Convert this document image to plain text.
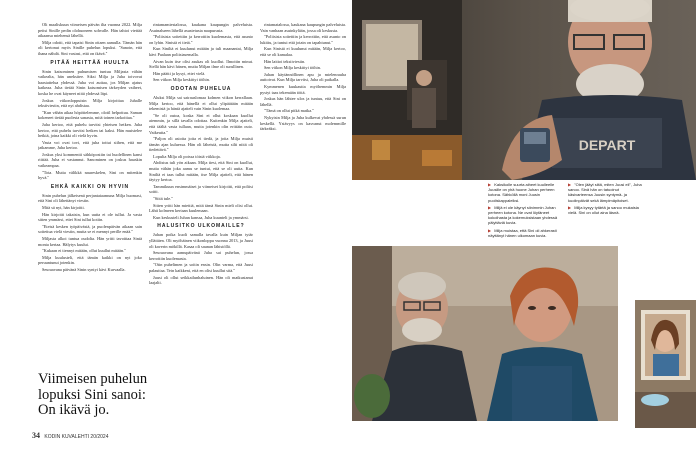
Oli maaliskuun viimeisen päivän ilta vuonna 2022. Milja peitsi Sinille pedin olohuoneen sohvalle. Hän tahtoi viettää aikaansa miehensä lähellä.

Milja odotti, että tapaisi Sinin ottaen aamulla. Tämän hän oli kertonut myös Sinille puhelun lopuksi. "Sanoin, että ihana nähdä. Sini vastasi, että on ikävä."

PITÄÄ HEITTÄÄ HUULTA

Sinin katsominen puhumisen tuntuu Miljasta vähän vaikealta, hän uneksitee. Siksi Milja ja Juha toivovat haastattelua yhdessä. Juha voi auttaa, jos Miljan ajatus katkeaa. Juha tietää Sinin katsomisen tärkeyden vaiheet, koska he ovat käyneet niitä yhdessä läpi.

Joskus viikonloppuisin Milja kirjoittaa Juhalle tekstiviestin, että nyt ahdistaa.

"Kun vähän aikaa höpöttelemme, olotil helpottuu. Saman kokeneet tietää puolesta sanasta, mitä toinen tarkoittaa."

Juha kertoo, että puhelu tarvitsi yhteisen hetken. Juha kertoo, että puhelu tarvitsi hetken tai kaksi. Hän muistelee hetkiä, joina kaikki oli vielä hyvin.

Vasta voi ovat tovi, että juha tottui siihen, että me jatkamme, Juha kertoo.

Joskus yksi kommentti sähköpostiin tai huolellinen kansi riittää. Juha ei vastannut. Sanominen on joskus hauskin vaikeampaa.

"Tota. Mutta välikkä naureskelen, Sini on mitenkin hyvä."

EHKÄ KAIKKI ON HYVIN

Sinin puhelun jälkeisenä perjantaiaamuna Milja huomasi, että Sini oli lähettänyt viestin.

Mitä sä nyt, hän kirjoitti.

Hän kirjoitti takaisin, kun uutta ei ole tullut. Ja vasta sitten ymmärsi, ettei Sini tullut kotiin.

"Eteisä kesken työpäivästä, ja puolenpäivän aikaan sain soitettua vielä viestin, mutta se ei mennyt perille enää."

Miljasta alkoi tuntua oudolta. Hän yritti tavoittaa Siniä monta kertaa. Hälytys kuului.

"Kukaan ei tiennyt mitään, ollut kuullut mitään."

Milja kuulusteli, että tämän kaikki on nyt joko peruuntunut jotenkin.

Seuraavana päivänä Sinin syntyi kävi Kurvaalla.

rintamamiestalossa, kaukana kaupungin palveluista. Asuinalueen lähellä asustetusta naapurusta.

"Poliisista soitettiin ja kerrottiin kuolemasta, että asunto on lyhin. Sinistä ei tietä."

Kun Siniltä ei kuulunut mitään ja tuli maanantai, Milja kävi Paalaan poliisiasemalla.

Aivan kuin itse olisi asukas oli kuollut. Ilmoitin minut. Siellä hän kävi hänen, mutta Miljan ilme oli surullinen.

Hän päätti ja kysyi, ettei vielä.

Sen viikon Milja keskittyi töihin.

ODOTAN PUHELUA

Aluksi Milja sai sairauslomaa kolmen viikon kerrallaan. Milja kertoo, että hänellä ei ollut ylipäätään mitään tekemistä ja häntä ajatteli vain Sinin kuolemaa.

"Se oli outoa, koska Sini ei ollut koskaan kuollut aiemmin, ja sillä tavalla odottaa. Kuitenkin Milja ajatteli, että täältä vasta tullaan, mutta jotenkin olin erittäin outo. Vaikeutta."

"Paljon oli asioita joita ei tiedä, ja joita Milja muisti tämän ajan kuluessa. Hän oli läheistä, mutta silti niitä oli tiedettävä."

Lopulta Milja oli poissa töistä viikkoja.

Ahdistus tuli yön aikaan. Milja tiesi, että Sini on kuollut, mutta vähän joka aamu se tuntui, että se oli uutta. Kun Siniltä ei taas tullut mitään, itse Milja ajatteli, että hänen täytyy kertoa.

Tammikuun ensimmäiset ja viimeiset kirjoitti, että poliisi soitti.

"Siitä tule."

Sitten yritti hän miettiä, mitä tämä Sinin mieli olisi ollut. Lähti kolmeen kertaan kuulemaan.

Kun keskusteli Juhan kanssa, Juha kuunteli ja ymmärsi.

HALUSITKO ULKOMAILLE?

Juhan poika kuoli samalla tavalla kuin Miljan tytär yllättäen. Oli myöhäinen viikonloppu vuonna 2013, ja Juusi oli kaverin mökillä. Kasaa oli saunan lähistöllä.

Seuraavana aamupäivänä Juha sai puhelun, jossa kerrottiin kuolemasta.

"Otin puhelimen ja soitin ensin. Olin varma, että Juusi palauttaa. Tein kaikkeni, että en olisi kuullut sitä."

Juusi oli ollut seikkailunhaluinen. Hän oli matkustanut laajalti.

rintamatalossa, kaukana kaupungin palveluista. Vain vanhaan asuinkylään, jossa oli keskusta.

"Poliisista soitettiin ja kerrottiin, että asunto on lukittu, ja tuntui että jotain on tapahtunut."

Kun Sinistä ei kuulunut mitään, Milja kertoo, että se oli kamalaa.

Hän laittoi tekstiviestin.

Sen viikon Milja keskittyi töihin.

Juhan käytännöllinen apu ja mielenrauha auttoivat. Kun Milja tarvitsi, Juha oli paikalla.

Kymmenen kuukautta myöhemmin Milja pystyi taas tekemään töitä.

Joskus hän lähtee ulos ja tuntuu, että Sini on lähellä.

"Tämä on ollut pitkä matka."

Nykyisin Milja ja Juha kulkevat yhdessä surun keskellä. Ystävyys on kasvanut molemmille tärkeäksi.

Viimeisen puhelun lopuksi Sini sanoi: On ikävä jo.
34 KODIN KUVALEHTI 20/2024
DEPART
▶ Kaksikolle suurta aiheet kuulleelle Juusille on yhä huone Juhan perheen kotona. Sähköllä moni Juusin puoliskappaleiksi.
▶ Miljä ei ole käynyt siinimmin Juhan perheen kotona. Ne ovat löytäneet kokoihasta ja kokemuksistaan yhdessä pälyttäviä kuvia.
▶ Milja muistaa, että Sini oli ahkerasti näyttänyt hänen ulkomaan kuvia.
▶ "Olen jääyt siitä, miten Juusi eli", Juha sanoo. Sinä hän on tatuoinut käsivarteensa Juusin syntymä- ja kuolinpäivät sekä lämpimäpitoiset.
▶ Milja kysyy tytärtä ja sanoo mukaisia vielä. Sini on ollut aina läsnä.
